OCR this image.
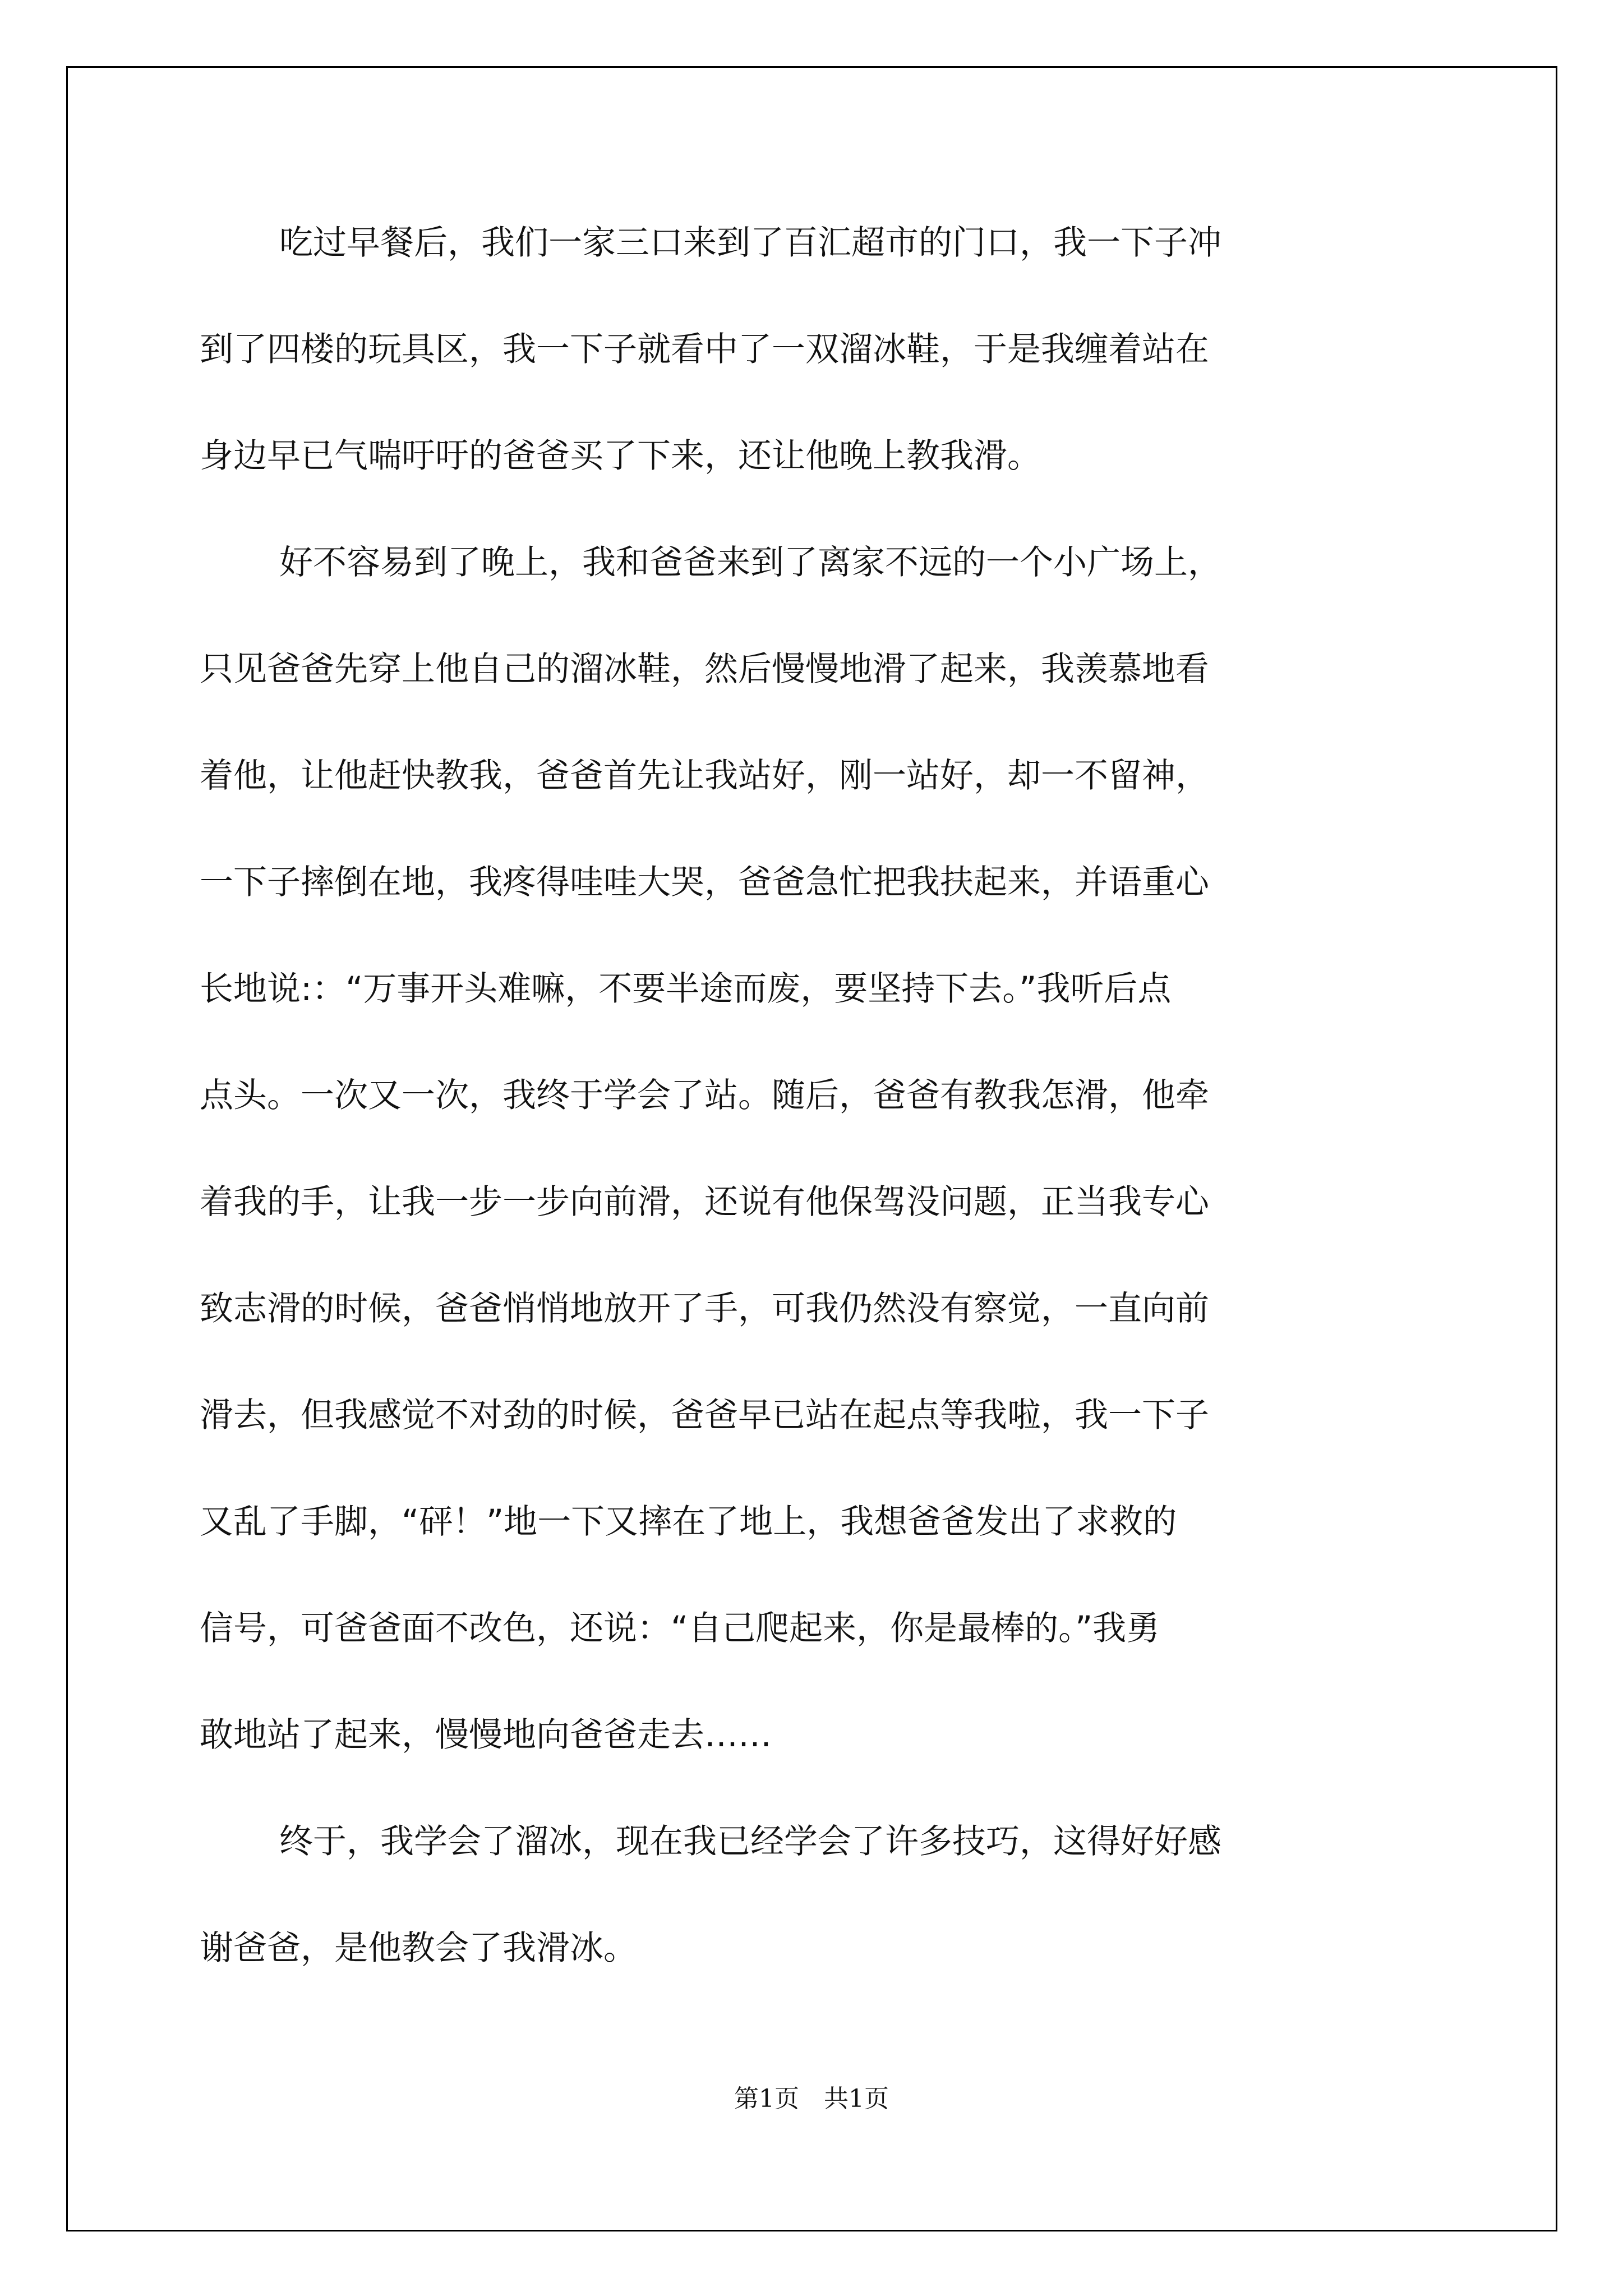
吃过早餐后，我们一家三口来到了百汇超市的门口，我一下子冲
到了四楼的玩具区，我一下子就看中了一双溜冰鞋，于是我缠着站在
身边早已气喘吁吁的爸爸买了下来，还让他晚上教我滑。
好不容易到了晚上，我和爸爸来到了离家不远的一个小广场上，
只见爸爸先穿上他自己的溜冰鞋，然后慢慢地滑了起来，我羡慕地看
着他，让他赶快教我，爸爸首先让我站好，刚一站好，却一不留神，
一下子摔倒在地，我疼得哇哇大哭，爸爸急忙把我扶起来，并语重心
长地说:：“万事开头难嘛，不要半途而废，要坚持下去。”我听后点
点头。一次又一次，我终于学会了站。随后，爸爸有教我怎滑，他牵
着我的手，让我一步一步向前滑，还说有他保驾没问题，正当我专心
致志滑的时候，爸爸悄悄地放开了手，可我仍然没有察觉，一直向前
滑去，但我感觉不对劲的时候，爸爸早已站在起点等我啦，我一下子
又乱了手脚，“砰！”地一下又摔在了地上，我想爸爸发出了求救的
信号，可爸爸面不改色，还说：“自己爬起来，你是最棒的。”我勇
敢地站了起来，慢慢地向爸爸走去……
终于，我学会了溜冰，现在我已经学会了许多技巧，这得好好感
谢爸爸，是他教会了我滑冰。
第1页　共1页
